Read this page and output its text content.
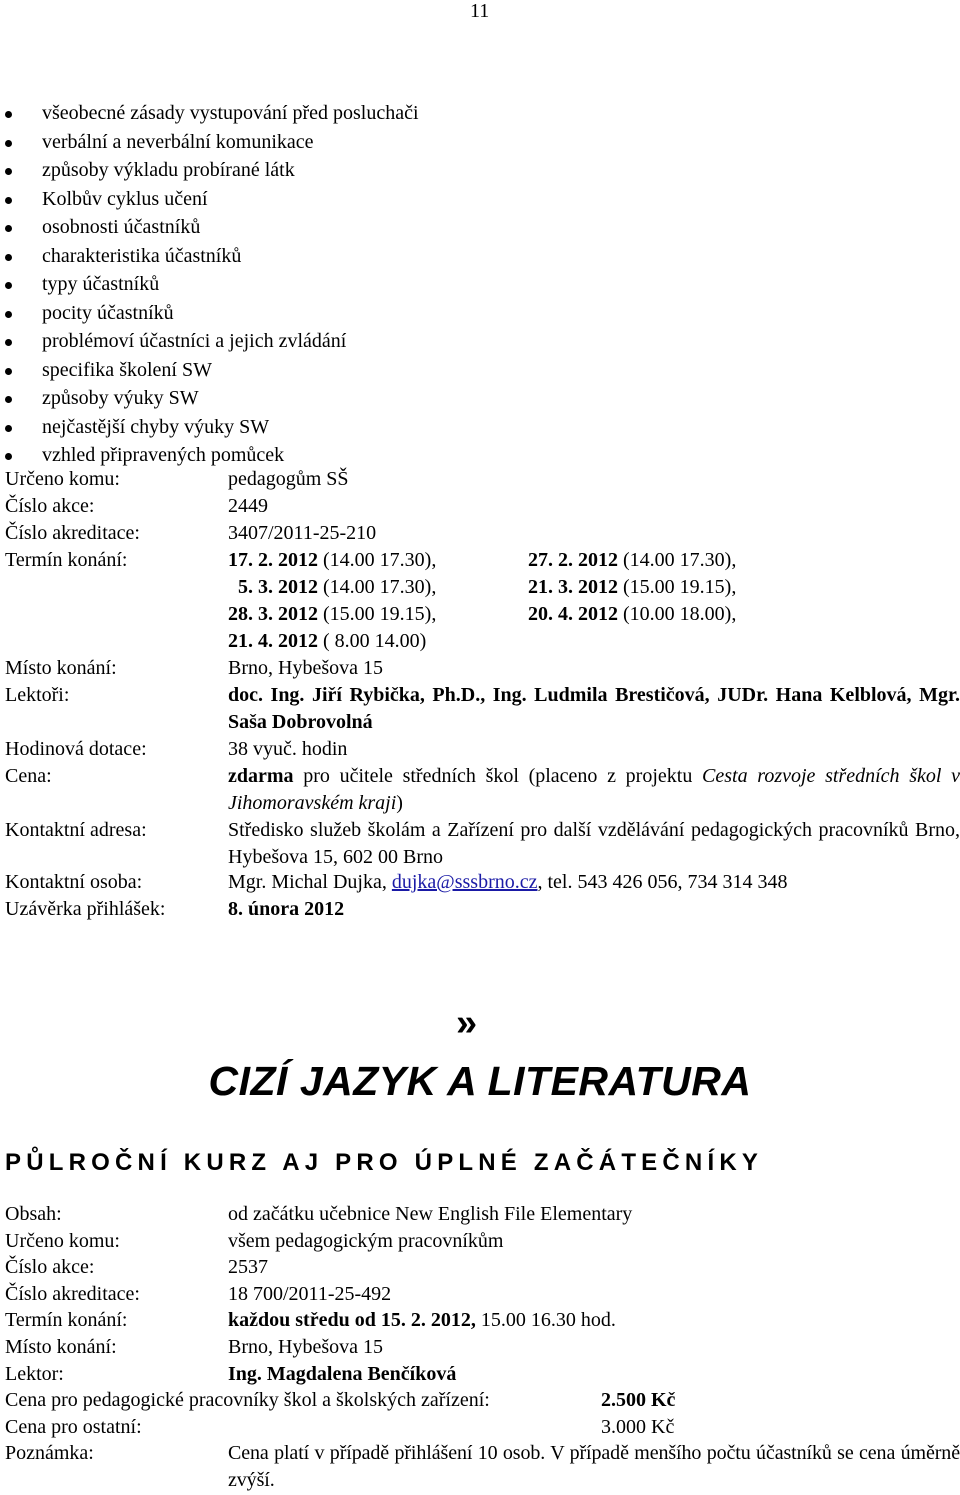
11
všeobecné zásady vystupování před posluchači
verbální a neverbální komunikace
způsoby výkladu probírané látk
Kolbův cyklus učení
osobnosti účastníků
charakteristika účastníků
typy účastníků
pocity účastníků
problémoví účastníci a jejich zvládání
specifika školení SW
způsoby výuky SW
nejčastější chyby výuky SW
vzhled připravených pomůcek
Určeno komu:	pedagogům SŠ
Číslo akce:	2449
Číslo akreditace:	3407/2011-25-210
Termín konání:	17. 2. 2012 (14.00 17.30),	27. 2. 2012 (14.00 17.30),
5. 3. 2012 (14.00 17.30),	21. 3. 2012 (15.00 19.15),
28. 3. 2012 (15.00 19.15),	20. 4. 2012 (10.00 18.00),
21. 4. 2012 ( 8.00 14.00)
Místo konání:	Brno, Hybešova 15
Lektoři:	doc. Ing. Jiří Rybička, Ph.D., Ing. Ludmila Brestičová, JUDr. Hana Kelblová, Mgr. Saša Dobrovolná
Hodinová dotace:	38 vyuč. hodin
Cena:	zdarma pro učitele středních škol (placeno z projektu Cesta rozvoje středních škol v Jihomoravském kraji)
Kontaktní adresa:	Středisko služeb školám a Zařízení pro další vzdělávání pedagogických pracovníků Brno, Hybešova 15, 602 00 Brno
Kontaktní osoba:	Mgr. Michal Dujka, dujka@sssbrno.cz, tel. 543 426 056, 734 314 348
Uzávěrka přihlášek:	8. února 2012
»
CIZÍ JAZYK A LITERATURA
PŮLROČNÍ KURZ AJ PRO ÚPLNÉ ZAČÁTEČNÍKY
Obsah:	od začátku učebnice New English File Elementary
Určeno komu:	všem pedagogickým pracovníkům
Číslo akce:	2537
Číslo akreditace:	18 700/2011-25-492
Termín konání:	každou středu od 15. 2. 2012, 15.00 16.30 hod.
Místo konání:	Brno, Hybešova 15
Lektor:	Ing. Magdalena Benčíková
Cena pro pedagogické pracovníky škol a školských zařízení:	2.500 Kč
Cena pro ostatní:	3.000 Kč
Poznámka:	Cena platí v případě přihlášení 10 osob. V případě menšího počtu účastníků se cena úměrně zvýší.
